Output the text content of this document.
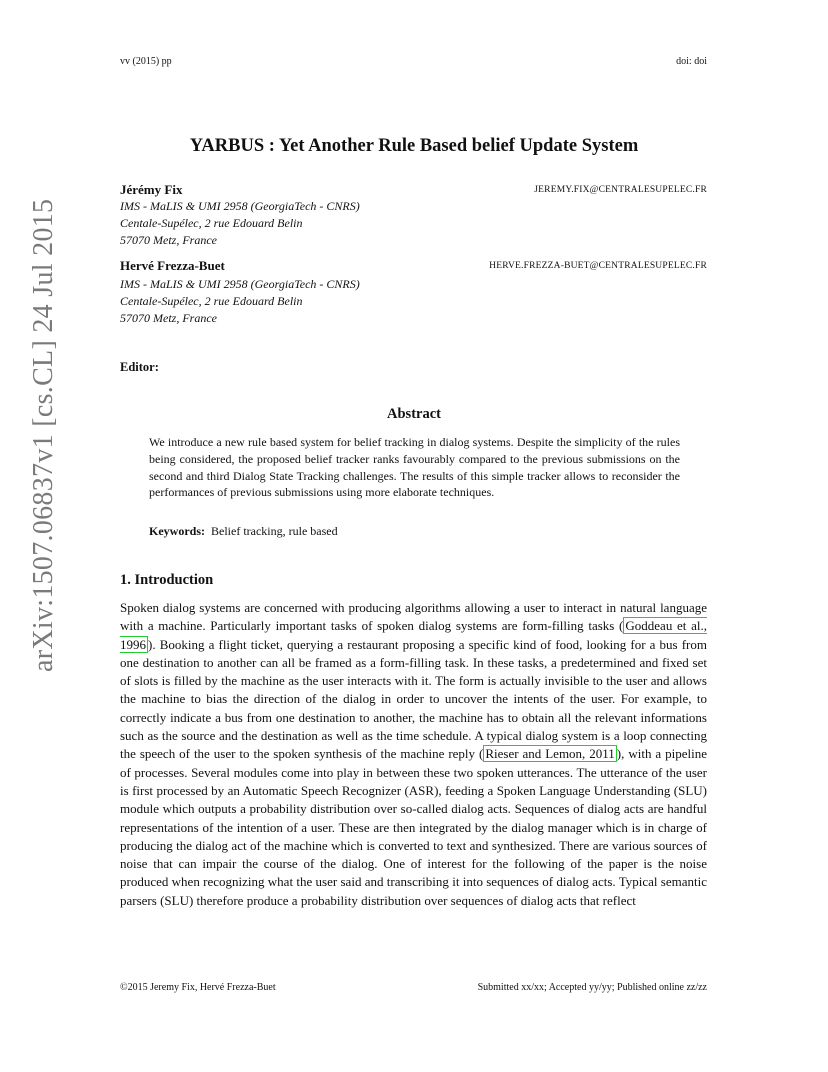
vv (2015) pp	doi: doi
YARBUS : Yet Another Rule Based belief Update System
Jérémy Fix	JEREMY.FIX@CENTRALESUPELEC.FR
IMS - MaLIS & UMI 2958 (GeorgiaTech - CNRS)
Centale-Supélec, 2 rue Edouard Belin
57070 Metz, France
Hervé Frezza-Buet	HERVE.FREZZA-BUET@CENTRALESUPELEC.FR
IMS - MaLIS & UMI 2958 (GeorgiaTech - CNRS)
Centale-Supélec, 2 rue Edouard Belin
57070 Metz, France
Editor:
Abstract
We introduce a new rule based system for belief tracking in dialog systems. Despite the simplicity of the rules being considered, the proposed belief tracker ranks favourably compared to the previous submissions on the second and third Dialog State Tracking challenges. The results of this simple tracker allows to reconsider the performances of previous submissions using more elaborate techniques.
Keywords: Belief tracking, rule based
1. Introduction
Spoken dialog systems are concerned with producing algorithms allowing a user to interact in natural language with a machine. Particularly important tasks of spoken dialog systems are form-filling tasks ( Goddeau et al., 1996 ). Booking a flight ticket, querying a restaurant proposing a specific kind of food, looking for a bus from one destination to another can all be framed as a form-filling task. In these tasks, a predetermined and fixed set of slots is filled by the machine as the user interacts with it. The form is actually invisible to the user and allows the machine to bias the direction of the dialog in order to uncover the intents of the user. For example, to correctly indicate a bus from one destination to another, the machine has to obtain all the relevant informations such as the source and the destination as well as the time schedule. A typical dialog system is a loop connecting the speech of the user to the spoken synthesis of the machine reply ( Rieser and Lemon, 2011 ), with a pipeline of processes. Several modules come into play in between these two spoken utterances. The utterance of the user is first processed by an Automatic Speech Recognizer (ASR), feeding a Spoken Language Understanding (SLU) module which outputs a probability distribution over so-called dialog acts. Sequences of dialog acts are handful representations of the intention of a user. These are then integrated by the dialog manager which is in charge of producing the dialog act of the machine which is converted to text and synthesized. There are various sources of noise that can impair the course of the dialog. One of interest for the following of the paper is the noise produced when recognizing what the user said and transcribing it into sequences of dialog acts. Typical semantic parsers (SLU) therefore produce a probability distribution over sequences of dialog acts that reflect
©2015 Jeremy Fix, Hervé Frezza-Buet	Submitted xx/xx; Accepted yy/yy; Published online zz/zz
arXiv:1507.06837v1 [cs.CL] 24 Jul 2015
